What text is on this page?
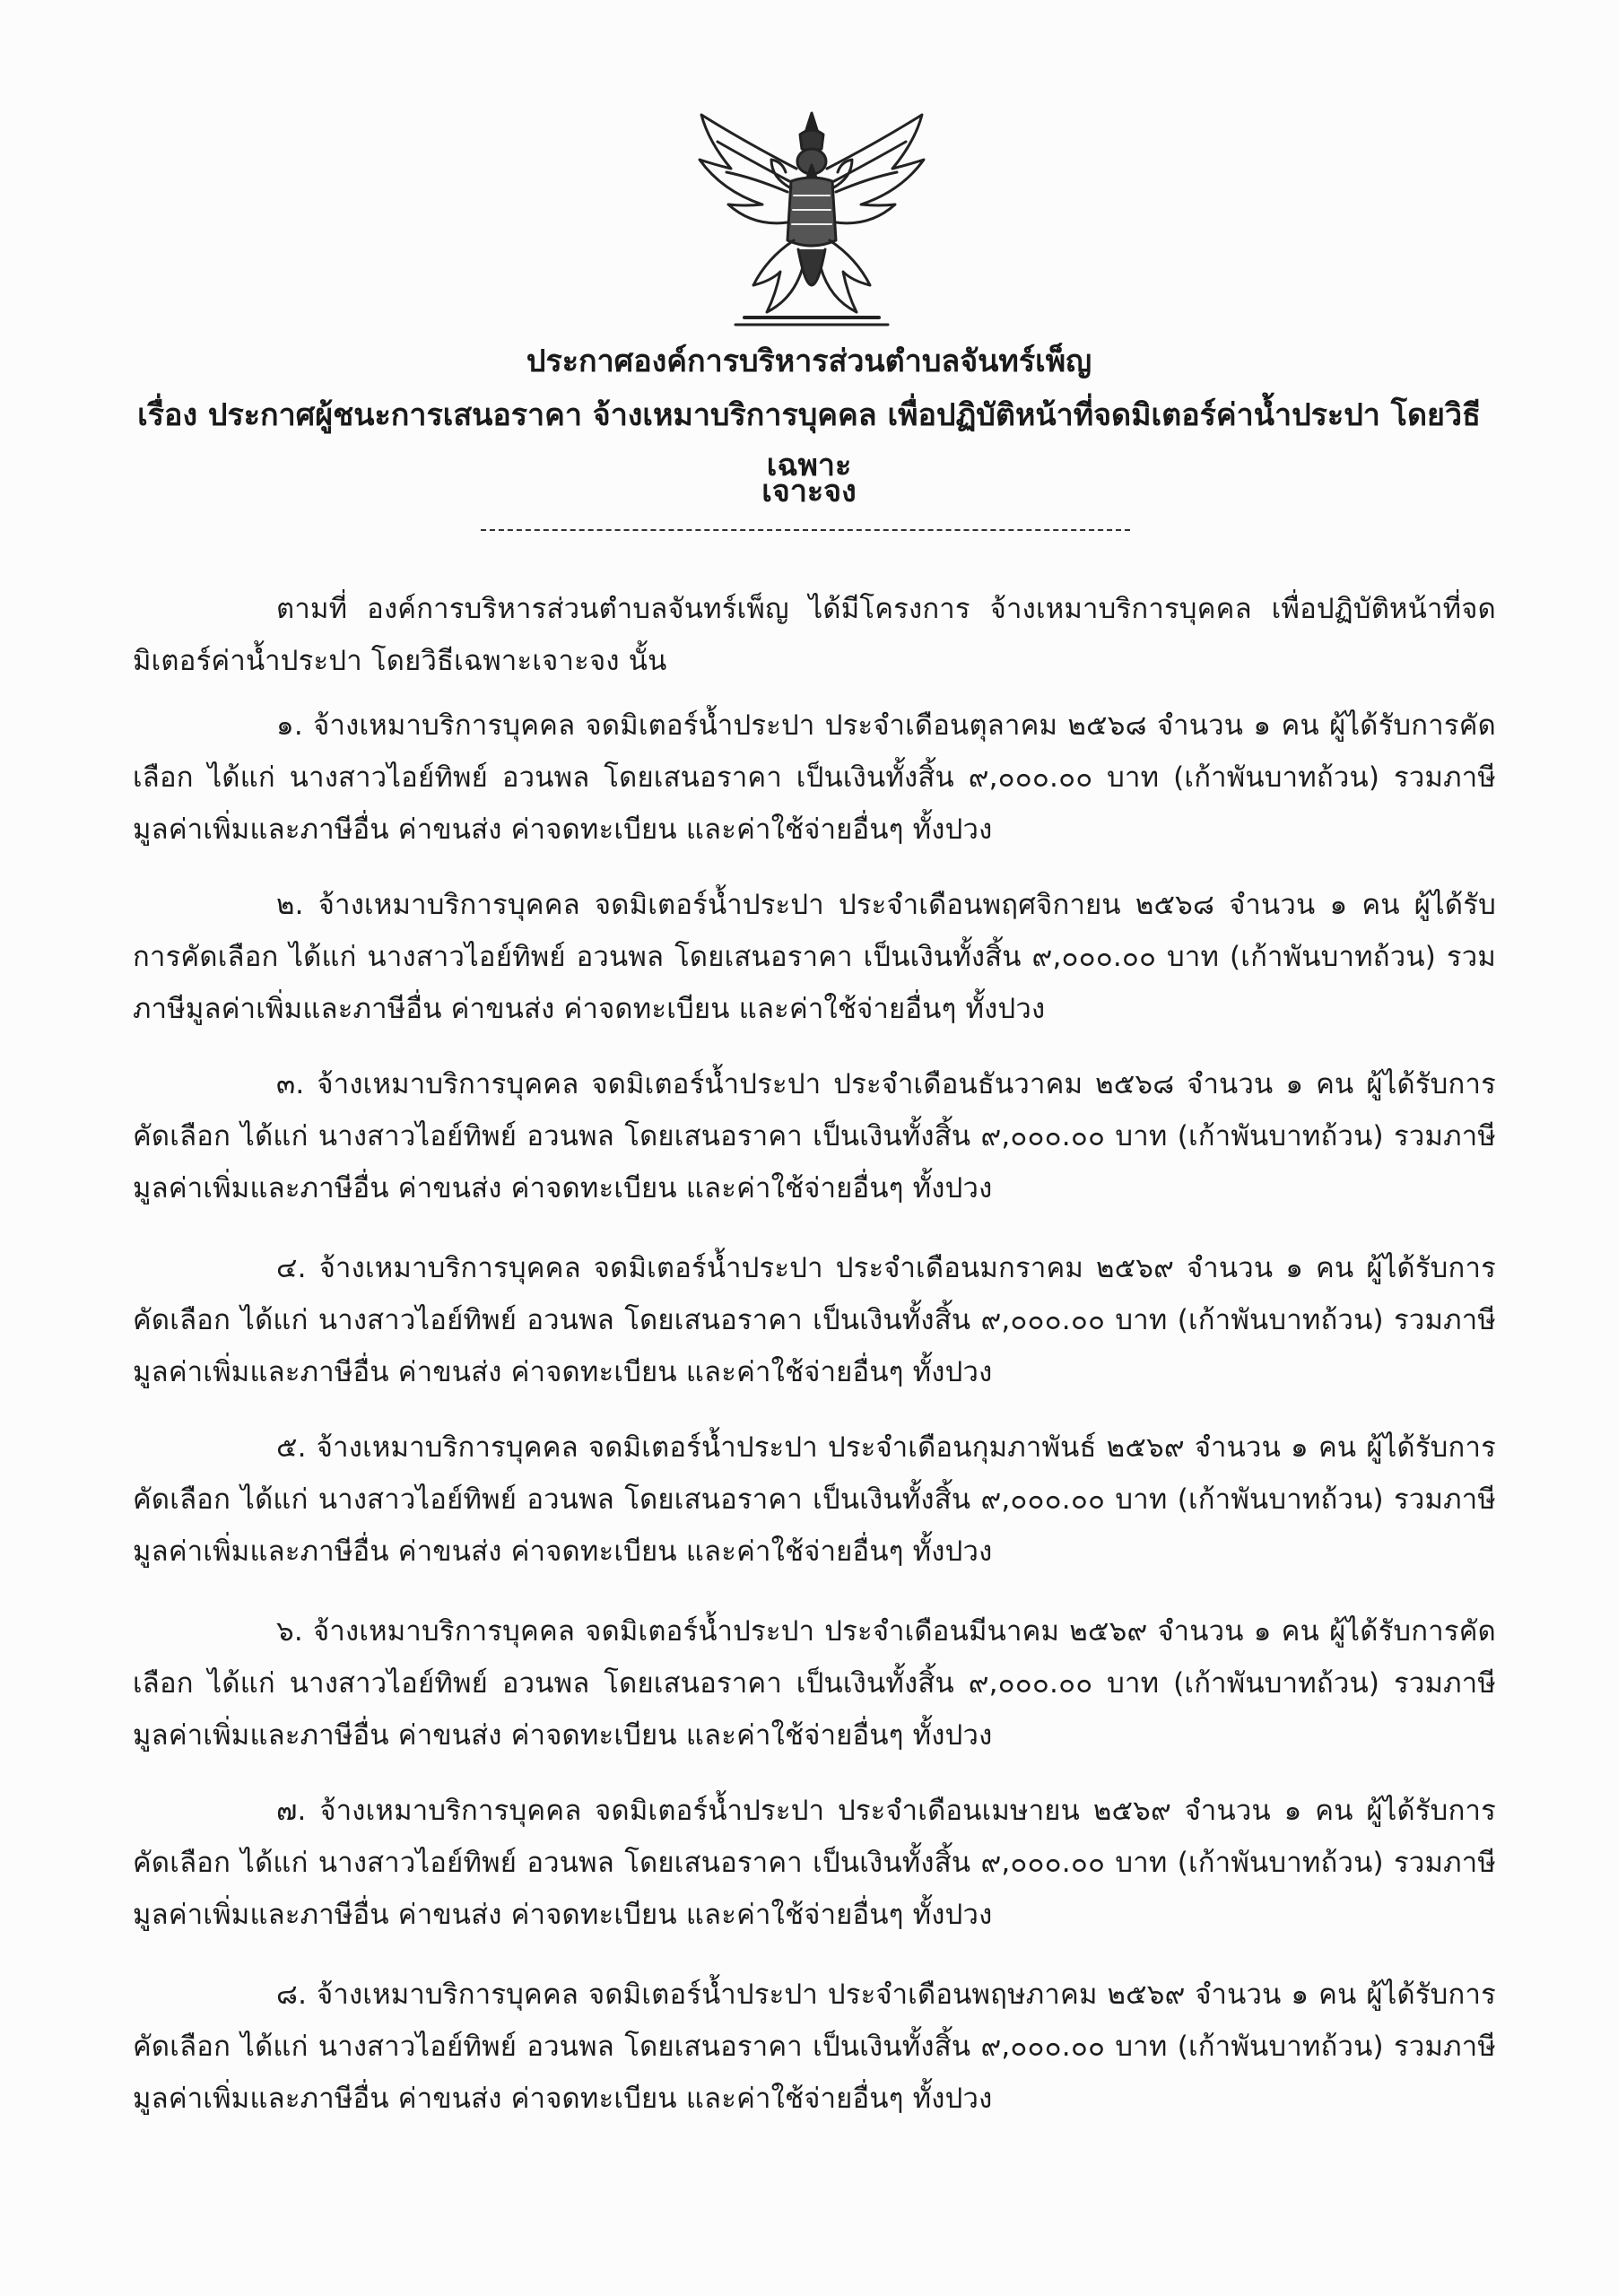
ประกาศองค์การบริหารส่วนตำบลจันทร์เพ็ญ
เรื่อง ประกาศผู้ชนะการเสนอราคา จ้างเหมาบริการบุคคล เพื่อปฏิบัติหน้าที่จดมิเตอร์ค่าน้ำประปา โดยวิธีเฉพาะ
เจาะจง

ตามที่ องค์การบริหารส่วนตำบลจันทร์เพ็ญ ได้มีโครงการ จ้างเหมาบริการบุคคล เพื่อปฏิบัติหน้าที่จดมิเตอร์ค่าน้ำประปา โดยวิธีเฉพาะเจาะจง นั้น

๑. จ้างเหมาบริการบุคคล จดมิเตอร์น้ำประปา ประจำเดือนตุลาคม ๒๕๖๘ จำนวน ๑ คน ผู้ได้รับการคัดเลือก ได้แก่ นางสาวไอย์ทิพย์ อวนพล โดยเสนอราคา เป็นเงินทั้งสิ้น ๙,๐๐๐.๐๐ บาท (เก้าพันบาทถ้วน) รวมภาษีมูลค่าเพิ่มและภาษีอื่น ค่าขนส่ง ค่าจดทะเบียน และค่าใช้จ่ายอื่นๆ ทั้งปวง

๒. จ้างเหมาบริการบุคคล จดมิเตอร์น้ำประปา ประจำเดือนพฤศจิกายน ๒๕๖๘ จำนวน ๑ คน ผู้ได้รับการคัดเลือก ได้แก่ นางสาวไอย์ทิพย์ อวนพล โดยเสนอราคา เป็นเงินทั้งสิ้น ๙,๐๐๐.๐๐ บาท (เก้าพันบาทถ้วน) รวมภาษีมูลค่าเพิ่มและภาษีอื่น ค่าขนส่ง ค่าจดทะเบียน และค่าใช้จ่ายอื่นๆ ทั้งปวง

๓. จ้างเหมาบริการบุคคล จดมิเตอร์น้ำประปา ประจำเดือนธันวาคม ๒๕๖๘ จำนวน ๑ คน ผู้ได้รับการคัดเลือก ได้แก่ นางสาวไอย์ทิพย์ อวนพล โดยเสนอราคา เป็นเงินทั้งสิ้น ๙,๐๐๐.๐๐ บาท (เก้าพันบาทถ้วน) รวมภาษีมูลค่าเพิ่มและภาษีอื่น ค่าขนส่ง ค่าจดทะเบียน และค่าใช้จ่ายอื่นๆ ทั้งปวง

๔. จ้างเหมาบริการบุคคล จดมิเตอร์น้ำประปา ประจำเดือนมกราคม ๒๕๖๙ จำนวน ๑ คน ผู้ได้รับการคัดเลือก ได้แก่ นางสาวไอย์ทิพย์ อวนพล โดยเสนอราคา เป็นเงินทั้งสิ้น ๙,๐๐๐.๐๐ บาท (เก้าพันบาทถ้วน) รวมภาษีมูลค่าเพิ่มและภาษีอื่น ค่าขนส่ง ค่าจดทะเบียน และค่าใช้จ่ายอื่นๆ ทั้งปวง

๕. จ้างเหมาบริการบุคคล จดมิเตอร์น้ำประปา ประจำเดือนกุมภาพันธ์ ๒๕๖๙ จำนวน ๑ คน ผู้ได้รับการคัดเลือก ได้แก่ นางสาวไอย์ทิพย์ อวนพล โดยเสนอราคา เป็นเงินทั้งสิ้น ๙,๐๐๐.๐๐ บาท (เก้าพันบาทถ้วน) รวมภาษีมูลค่าเพิ่มและภาษีอื่น ค่าขนส่ง ค่าจดทะเบียน และค่าใช้จ่ายอื่นๆ ทั้งปวง

๖. จ้างเหมาบริการบุคคล จดมิเตอร์น้ำประปา ประจำเดือนมีนาคม ๒๕๖๙ จำนวน ๑ คน ผู้ได้รับการคัดเลือก ได้แก่ นางสาวไอย์ทิพย์ อวนพล โดยเสนอราคา เป็นเงินทั้งสิ้น ๙,๐๐๐.๐๐ บาท (เก้าพันบาทถ้วน) รวมภาษีมูลค่าเพิ่มและภาษีอื่น ค่าขนส่ง ค่าจดทะเบียน และค่าใช้จ่ายอื่นๆ ทั้งปวง

๗. จ้างเหมาบริการบุคคล จดมิเตอร์น้ำประปา ประจำเดือนเมษายน ๒๕๖๙ จำนวน ๑ คน ผู้ได้รับการคัดเลือก ได้แก่ นางสาวไอย์ทิพย์ อวนพล โดยเสนอราคา เป็นเงินทั้งสิ้น ๙,๐๐๐.๐๐ บาท (เก้าพันบาทถ้วน) รวมภาษีมูลค่าเพิ่มและภาษีอื่น ค่าขนส่ง ค่าจดทะเบียน และค่าใช้จ่ายอื่นๆ ทั้งปวง

๘. จ้างเหมาบริการบุคคล จดมิเตอร์น้ำประปา ประจำเดือนพฤษภาคม ๒๕๖๙ จำนวน ๑ คน ผู้ได้รับการคัดเลือก ได้แก่ นางสาวไอย์ทิพย์ อวนพล โดยเสนอราคา เป็นเงินทั้งสิ้น ๙,๐๐๐.๐๐ บาท (เก้าพันบาทถ้วน) รวมภาษีมูลค่าเพิ่มและภาษีอื่น ค่าขนส่ง ค่าจดทะเบียน และค่าใช้จ่ายอื่นๆ ทั้งปวง
